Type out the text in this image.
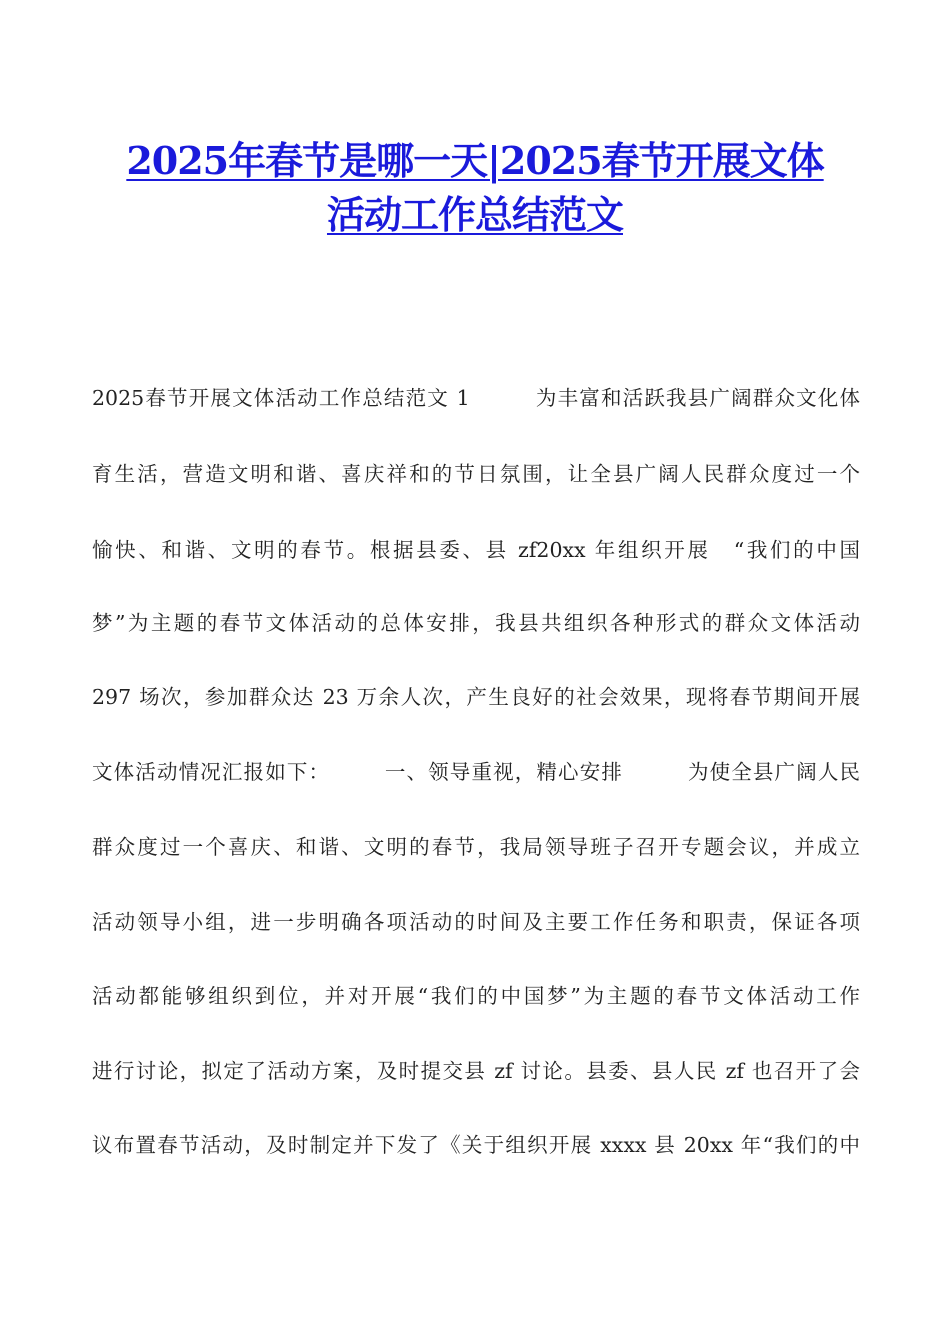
2025年春节是哪一天|2025春节开展文体
活动工作总结范文
2025春节开展文体活动工作总结范文 1　　　为丰富和活跃我县广阔群众文化体
育生活，营造文明和谐、喜庆祥和的节日氛围，让全县广阔人民群众度过一个
愉快、和谐、文明的春节。根据县委、县 zf20xx 年组织开展　“我们的中国
梦”为主题的春节文体活动的总体安排，我县共组织各种形式的群众文体活动
297 场次，参加群众达 23 万余人次，产生良好的社会效果，现将春节期间开展
文体活动情况汇报如下：　　　一、领导重视，精心安排　　　为使全县广阔人民
群众度过一个喜庆、和谐、文明的春节，我局领导班子召开专题会议，并成立
活动领导小组，进一步明确各项活动的时间及主要工作任务和职责，保证各项
活动都能够组织到位，并对开展“我们的中国梦”为主题的春节文体活动工作
进行讨论，拟定了活动方案，及时提交县 zf 讨论。县委、县人民 zf 也召开了会
议布置春节活动，及时制定并下发了《关于组织开展 xxxx 县 20xx 年“我们的中
